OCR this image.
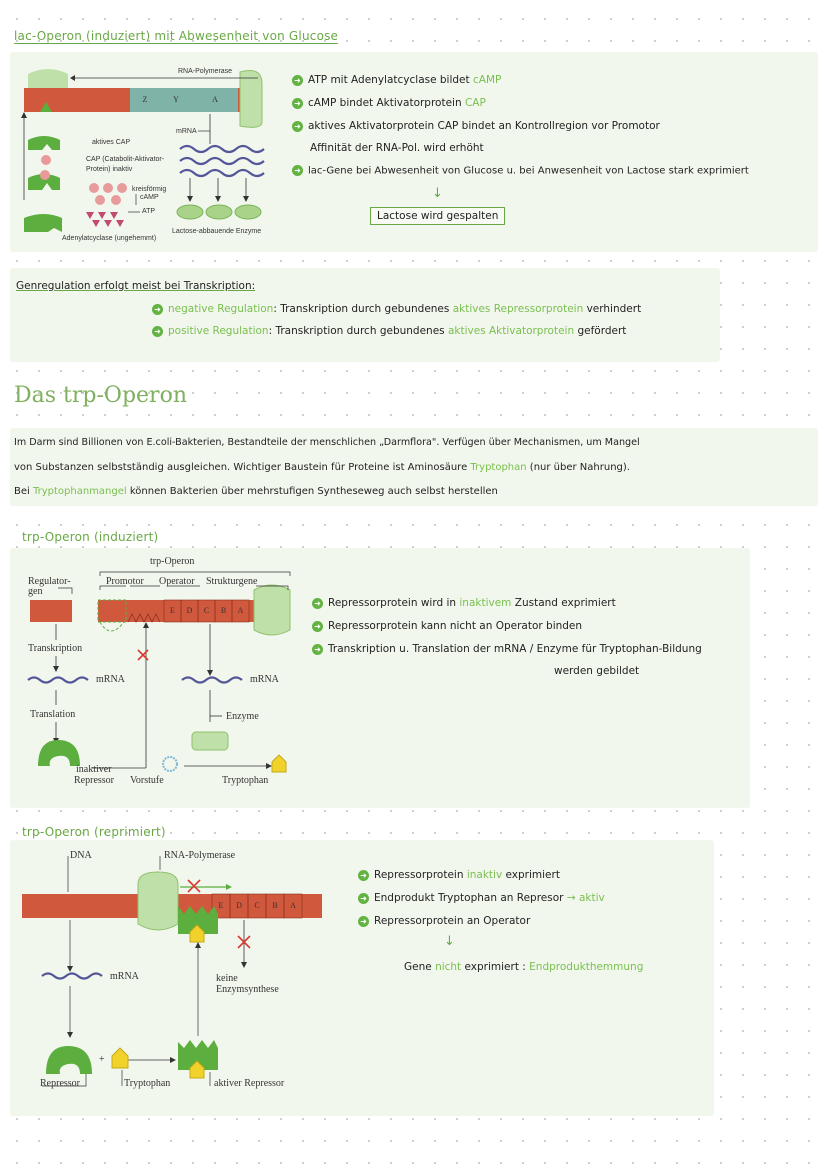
lac-Operon (induziert) mit Abwesenheit von Glucose
RNA-Polymerase
Z	Y	A
mRNA
aktives CAP
CAP (Catabolit-Aktivator-
Protein) inaktiv
kreisförmig
cAMP
ATP
Adenylatcyclase (ungehemmt)
Lactose-abbauende Enzyme
➜ ATP mit Adenylatcyclase bildet cAMP
➜ cAMP bindet Aktivatorprotein CAP
➜ aktives Aktivatorprotein CAP bindet an Kontrollregion vor Promotor
Affinität der RNA-Pol. wird erhöht
➜ lac-Gene bei Abwesenheit von Glucose u. bei Anwesenheit von Lactose stark exprimiert
↓
Lactose wird gespalten
Genregulation erfolgt meist bei Transkription:
➜ negative Regulation: Transkription durch gebundenes aktives Repressorprotein verhindert
➜ positive Regulation: Transkription durch gebundenes aktives Aktivatorprotein gefördert
Das trp-Operon
Im Darm sind Billionen von E.coli-Bakterien, Bestandteile der menschlichen „Darmflora". Verfügen über Mechanismen, um Mangel
von Substanzen selbstständig ausgleichen. Wichtiger Baustein für Proteine ist Aminosäure Tryptophan (nur über Nahrung).
Bei Tryptophanmangel können Bakterien über mehrstufigen Syntheseweg auch selbst herstellen
trp-Operon (induziert)
trp-Operon
Regulator-
gen
Promotor Operator Strukturgene
E	D	C	B	A
Transkription
mRNA	mRNA
Translation	Enzyme
inaktiver
Repressor Vorstufe	Tryptophan
➜ Repressorprotein wird in inaktivem Zustand exprimiert
➜ Repressorprotein kann nicht an Operator binden
➜ Transkription u. Translation der mRNA / Enzyme für Tryptophan-Bildung
werden gebildet
trp-Operon (reprimiert)
DNA	RNA-Polymerase
E	D	C	B	A
mRNA	keine
Enzymsynthese
+
Repressor	Tryptophan	aktiver Repressor
➜ Repressorprotein inaktiv exprimiert
➜ Endprodukt Tryptophan an Represor → aktiv
➜ Repressorprotein an Operator
↓
Gene nicht exprimiert : Endprodukthemmung
